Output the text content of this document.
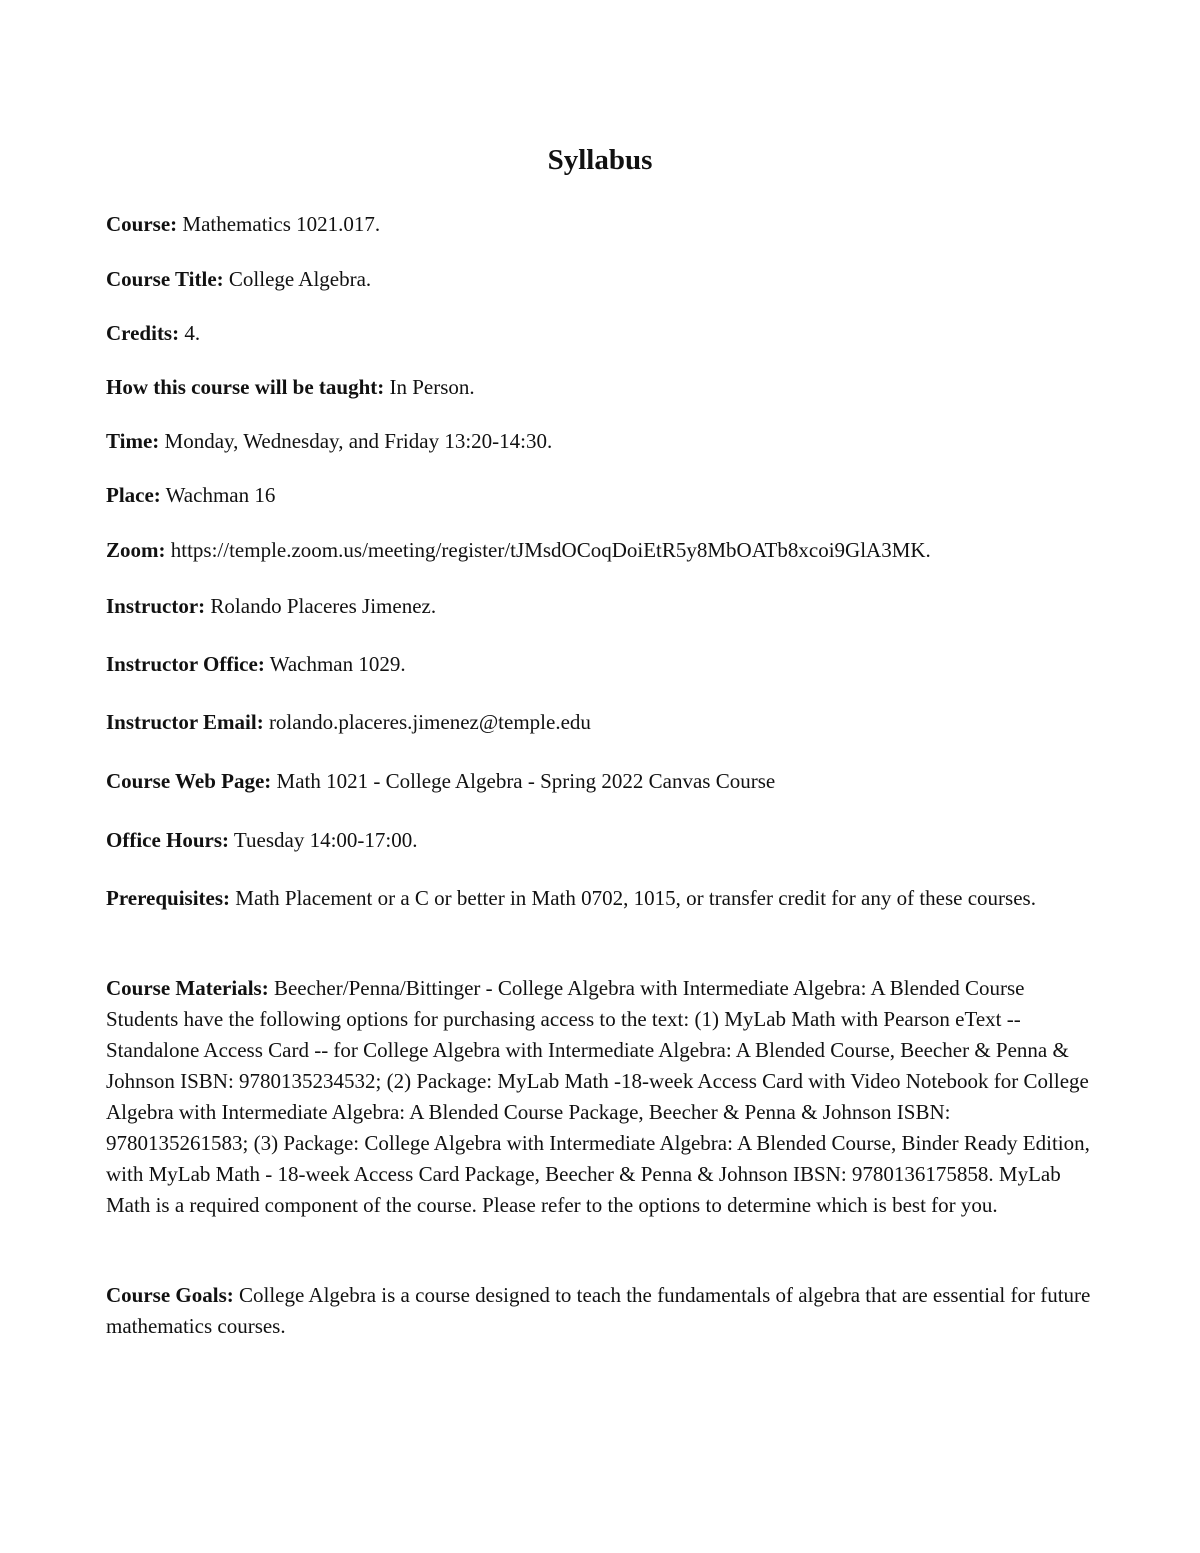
Syllabus

Course: Mathematics 1021.017.

Course Title: College Algebra.

Credits: 4.

How this course will be taught: In Person.

Time: Monday, Wednesday, and Friday 13:20-14:30.

Place: Wachman 16

Zoom: https://temple.zoom.us/meeting/register/tJMsdOCoqDoiEtR5y8MbOATb8xcoi9GlA3MK.

Instructor: Rolando Placeres Jimenez.

Instructor Office: Wachman 1029.

Instructor Email: rolando.placeres.jimenez@temple.edu

Course Web Page: Math 1021 - College Algebra - Spring 2022 Canvas Course

Office Hours: Tuesday 14:00-17:00.

Prerequisites: Math Placement or a C or better in Math 0702, 1015, or transfer credit for any of these courses.

Course Materials: Beecher/Penna/Bittinger - College Algebra with Intermediate Algebra: A Blended Course Students have the following options for purchasing access to the text: (1) MyLab Math with Pearson eText -- Standalone Access Card -- for College Algebra with Intermediate Algebra: A Blended Course, Beecher & Penna & Johnson ISBN: 9780135234532; (2) Package: MyLab Math -18-week Access Card with Video Notebook for College Algebra with Intermediate Algebra: A Blended Course Package, Beecher & Penna & Johnson ISBN: 9780135261583; (3) Package: College Algebra with Intermediate Algebra: A Blended Course, Binder Ready Edition, with MyLab Math - 18-week Access Card Package, Beecher & Penna & Johnson IBSN: 9780136175858. MyLab Math is a required component of the course. Please refer to the options to determine which is best for you.

Course Goals: College Algebra is a course designed to teach the fundamentals of algebra that are essential for future mathematics courses.
